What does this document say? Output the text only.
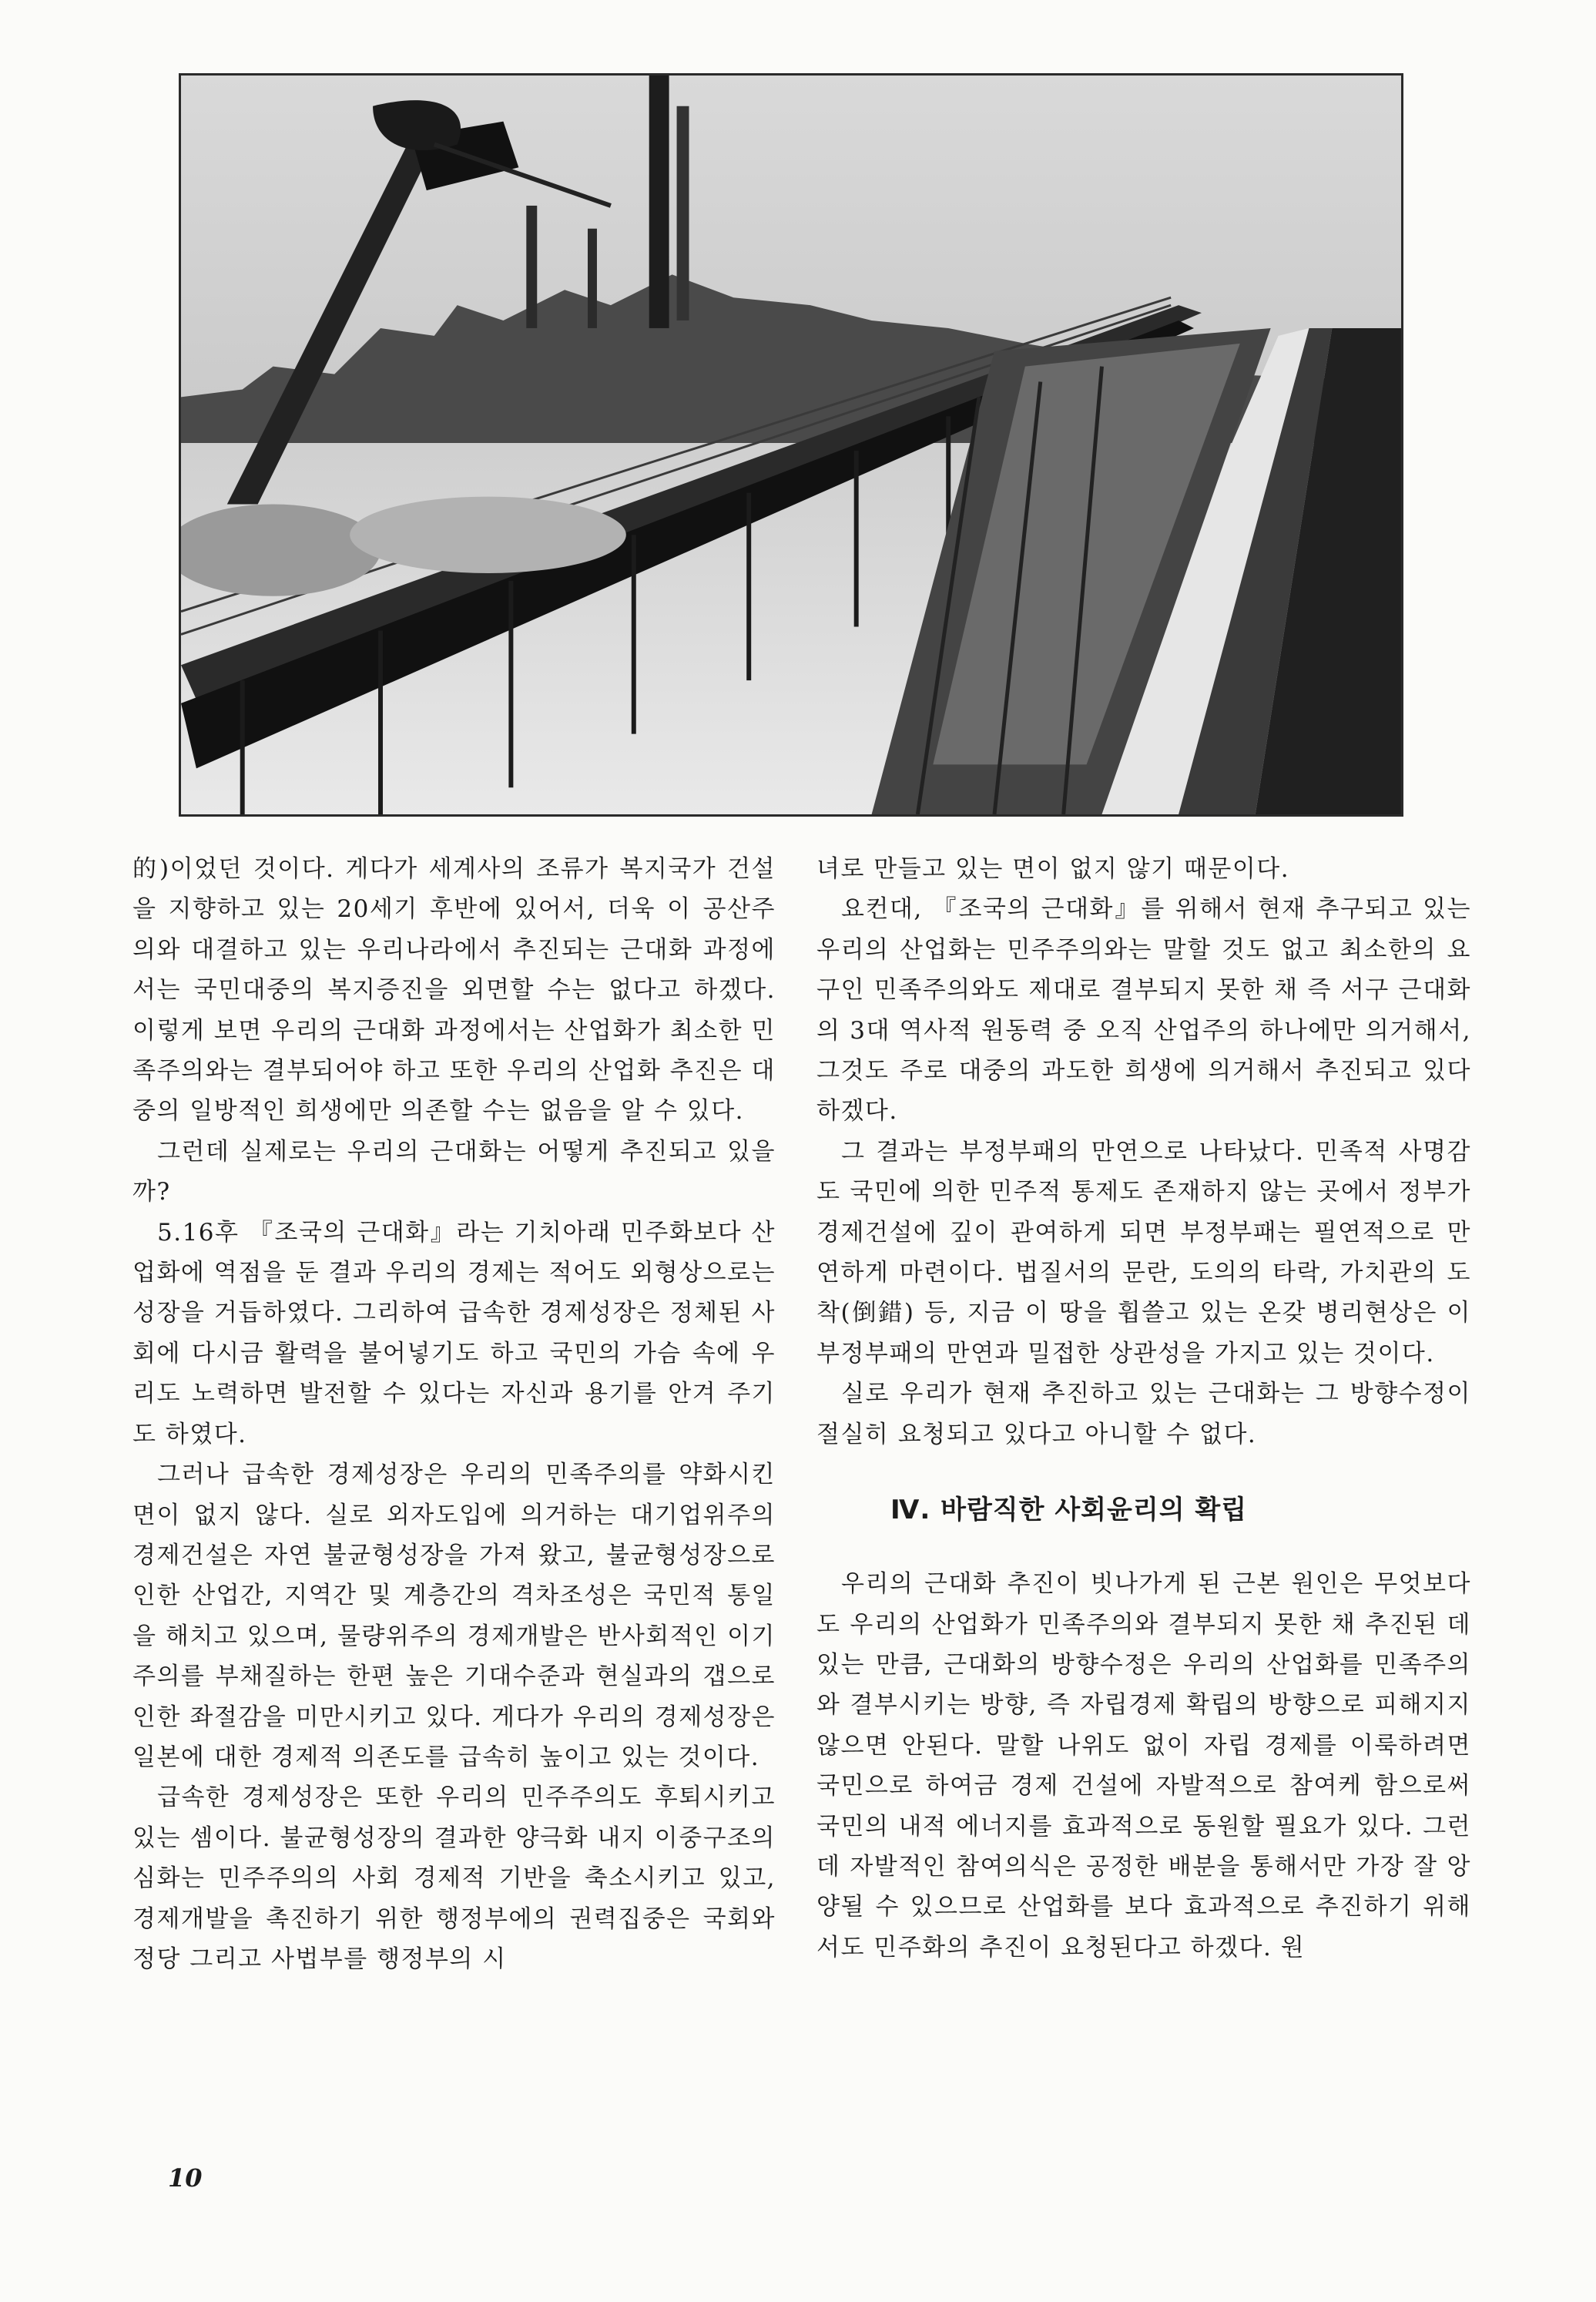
的)이었던 것이다. 게다가 세계사의 조류가 복지국가 건설을 지향하고 있는 20세기 후반에 있어서, 더욱 이 공산주의와 대결하고 있는 우리나라에서 추진되는 근대화 과정에서는 국민대중의 복지증진을 외면할 수는 없다고 하겠다. 이렇게 보면 우리의 근대화 과정에서는 산업화가 최소한 민족주의와는 결부되어야 하고 또한 우리의 산업화 추진은 대중의 일방적인 희생에만 의존할 수는 없음을 알 수 있다.

그런데 실제로는 우리의 근대화는 어떻게 추진되고 있을까?

5.16후 『조국의 근대화』라는 기치아래 민주화보다 산업화에 역점을 둔 결과 우리의 경제는 적어도 외형상으로는 성장을 거듭하였다. 그리하여 급속한 경제성장은 정체된 사회에 다시금 활력을 불어넣기도 하고 국민의 가슴 속에 우리도 노력하면 발전할 수 있다는 자신과 용기를 안겨 주기도 하였다.

그러나 급속한 경제성장은 우리의 민족주의를 약화시킨 면이 없지 않다. 실로 외자도입에 의거하는 대기업위주의 경제건설은 자연 불균형성장을 가져 왔고, 불균형성장으로 인한 산업간, 지역간 및 계층간의 격차조성은 국민적 통일을 해치고 있으며, 물량위주의 경제개발은 반사회적인 이기주의를 부채질하는 한편 높은 기대수준과 현실과의 갭으로 인한 좌절감을 미만시키고 있다. 게다가 우리의 경제성장은 일본에 대한 경제적 의존도를 급속히 높이고 있는 것이다.

급속한 경제성장은 또한 우리의 민주주의도 후퇴시키고 있는 셈이다. 불균형성장의 결과한 양극화 내지 이중구조의 심화는 민주주의의 사회 경제적 기반을 축소시키고 있고, 경제개발을 촉진하기 위한 행정부에의 권력집중은 국회와 정당 그리고 사법부를 행정부의 시

녀로 만들고 있는 면이 없지 않기 때문이다.

요컨대, 『조국의 근대화』를 위해서 현재 추구되고 있는 우리의 산업화는 민주주의와는 말할 것도 없고 최소한의 요구인 민족주의와도 제대로 결부되지 못한 채 즉 서구 근대화의 3대 역사적 원동력 중 오직 산업주의 하나에만 의거해서, 그것도 주로 대중의 과도한 희생에 의거해서 추진되고 있다 하겠다.

그 결과는 부정부패의 만연으로 나타났다. 민족적 사명감도 국민에 의한 민주적 통제도 존재하지 않는 곳에서 정부가 경제건설에 깊이 관여하게 되면 부정부패는 필연적으로 만연하게 마련이다. 법질서의 문란, 도의의 타락, 가치관의 도착(倒錯) 등, 지금 이 땅을 휩쓸고 있는 온갖 병리현상은 이 부정부패의 만연과 밀접한 상관성을 가지고 있는 것이다.

실로 우리가 현재 추진하고 있는 근대화는 그 방향수정이 절실히 요청되고 있다고 아니할 수 없다.

Ⅳ. 바람직한 사회윤리의 확립

우리의 근대화 추진이 빗나가게 된 근본 원인은 무엇보다도 우리의 산업화가 민족주의와 결부되지 못한 채 추진된 데 있는 만큼, 근대화의 방향수정은 우리의 산업화를 민족주의와 결부시키는 방향, 즉 자립경제 확립의 방향으로 피해지지 않으면 안된다. 말할 나위도 없이 자립 경제를 이룩하려면 국민으로 하여금 경제 건설에 자발적으로 참여케 함으로써 국민의 내적 에너지를 효과적으로 동원할 필요가 있다. 그런데 자발적인 참여의식은 공정한 배분을 통해서만 가장 잘 앙양될 수 있으므로 산업화를 보다 효과적으로 추진하기 위해서도 민주화의 추진이 요청된다고 하겠다. 원

10
